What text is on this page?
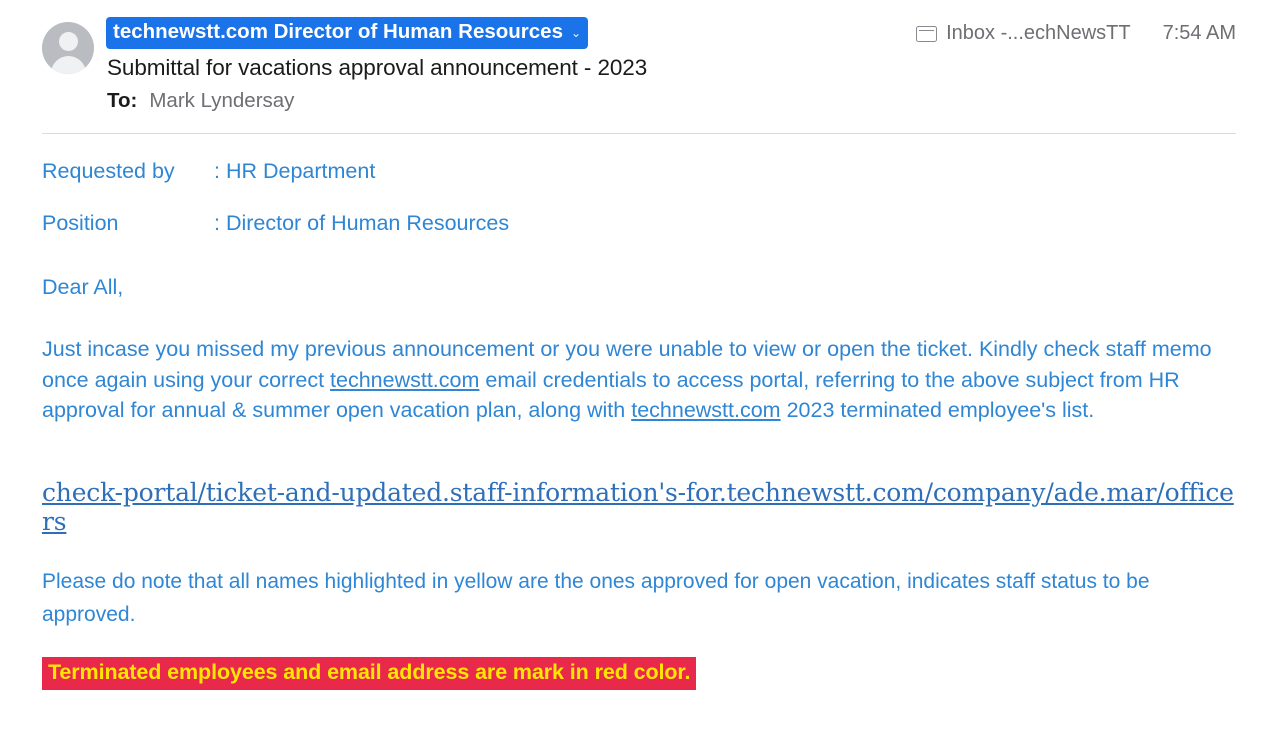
technewstt.com Director of Human Resources ⌄
Submittal for vacations approval announcement - 2023
To: Mark Lyndersay
Inbox -...echNewsTT 7:54 AM
Requested by	: HR Department
Position	: Director of Human Resources
Dear All,
Just incase you missed my previous announcement or you were unable to view or open the ticket. Kindly check staff memo once again using your correct technewstt.com email credentials to access portal, referring to the above subject from HR approval for annual & summer open vacation plan, along with technewstt.com 2023 terminated employee's list.
check-portal/ticket-and-updated.staff-information's-for.technewstt.com/company/ade.mar/officers
Please do note that all names highlighted in yellow are the ones approved for open vacation, indicates staff status to be approved.
Terminated employees and email address are mark in red color.
